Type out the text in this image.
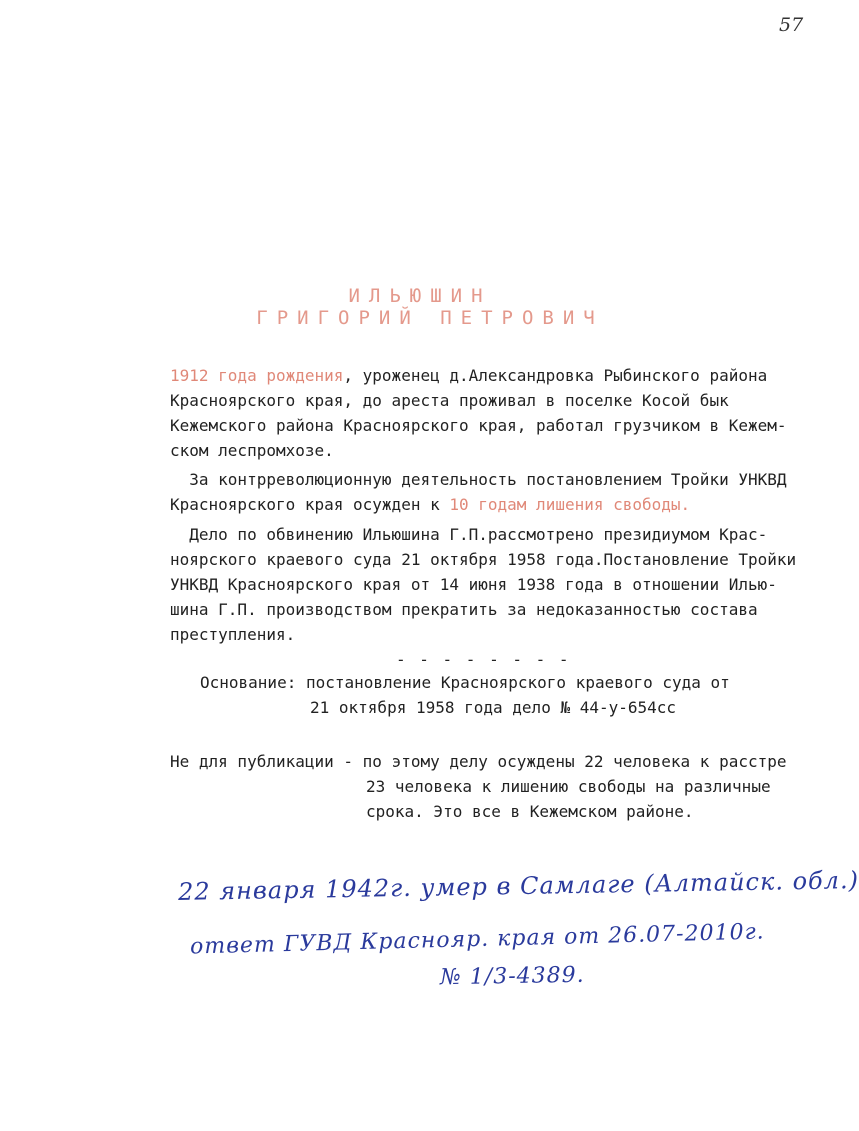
57
ИЛЬЮШИН
ГРИГОРИЙ ПЕТРОВИЧ
1912 года рождения, уроженец д.Александровка Рыбинского района
Красноярского края, до ареста проживал в поселке Косой бык
Кежемского района Красноярского края, работал грузчиком в Кежем-
ском леспромхозе.
За контрреволюционную деятельность постановлением Тройки УНКВД
Красноярского края осужден к 10 годам лишения свободы.
Дело по обвинению Ильюшина Г.П.рассмотрено президиумом Крас-
ноярского краевого суда 21 октября 1958 года.Постановление Тройки
УНКВД Красноярского края от 14 июня 1938 года в отношении Илью-
шина Г.П. производством прекратить за недоказанностью состава
преступления.
- - - - - - - -
Основание: постановление Красноярского краевого суда от
21 октября 1958 года дело № 44-у-654сс
Не для публикации - по этому делу осуждены 22 человека к расстре
23 человека к лишению свободы на различные
срока. Это все в Кежемском районе.
22 января 1942г. умер в Самлаге (Алтайск. обл.)
ответ ГУВД Краснояр. края от 26.07-2010г.
№ 1/3-4389.
